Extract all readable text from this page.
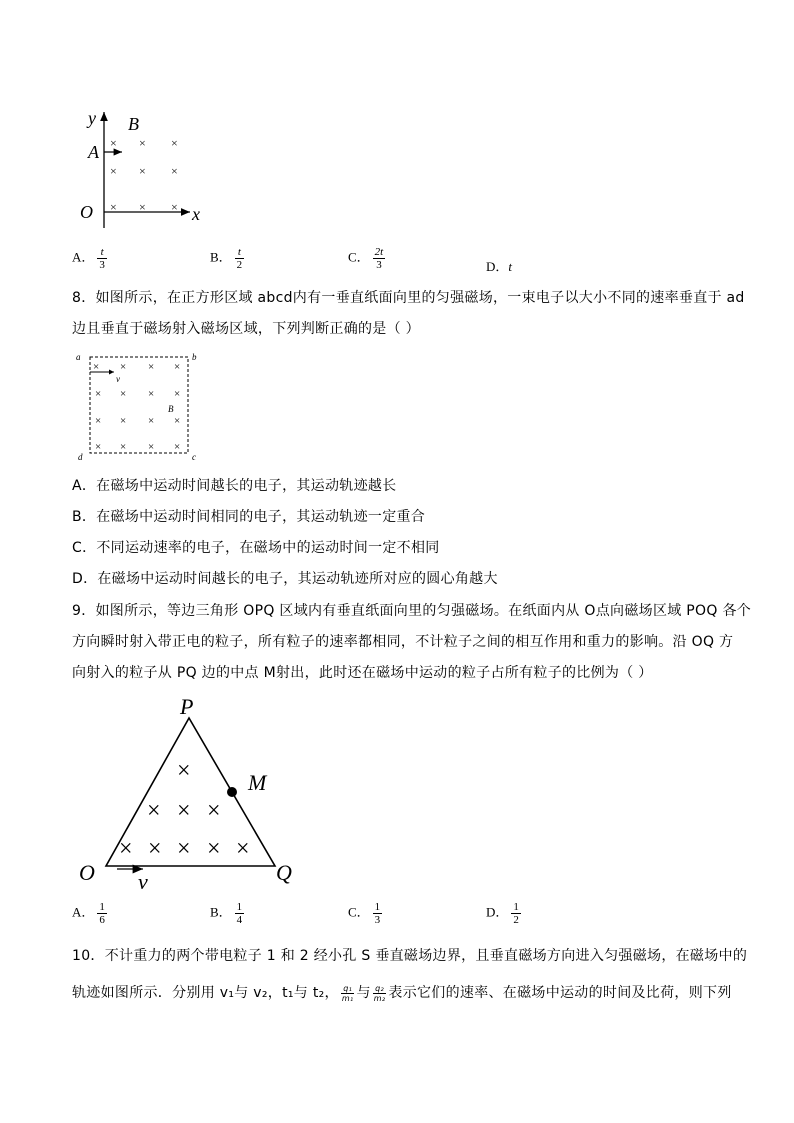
y B
A
O	x
× × ×
× × ×
× × ×
A． $\frac{t}{3}$	B． $\frac{t}{2}$	C． $\frac{2t}{3}$	D．t
8．如图所示，在正方形区域 abcd内有一垂直纸面向里的匀强磁场，一束电子以大小不同的速率垂直于 ad
边且垂直于磁场射入磁场区域，下列判断正确的是（ ）
a	b
c
d
v
B
× × × ×
× × × ×
× × × ×
× × × ×
A．在磁场中运动时间越长的电子，其运动轨迹越长
B．在磁场中运动时间相同的电子，其运动轨迹一定重合
C．不同运动速率的电子，在磁场中的运动时间一定不相同
D．在磁场中运动时间越长的电子，其运动轨迹所对应的圆心角越大
9．如图所示，等边三角形 OPQ 区域内有垂直纸面向里的匀强磁场。在纸面内从 O点向磁场区域 POQ 各个
方向瞬时射入带正电的粒子，所有粒子的速率都相同，不计粒子之间的相互作用和重力的影响。沿 OQ 方
向射入的粒子从 PQ 边的中点 M射出，此时还在磁场中运动的粒子占所有粒子的比例为（ ）
P
M
O	Q
v
×
× × ×
× × × × ×
A． $\frac{1}{6}$	B． $\frac{1}{4}$	C． $\frac{1}{3}$	D． $\frac{1}{2}$
10．不计重力的两个带电粒子 1 和 2 经小孔 S 垂直磁场边界，且垂直磁场方向进入匀强磁场，在磁场中的
轨迹如图所示．分别用 v₁与 v₂，t₁与 t₂， $\frac{\text{q₁}}{\text{m₁}}$ 与 $\frac{\text{q₂}}{\text{m₂}}$ 表示它们的速率、在磁场中运动的时间及比荷，则下列
